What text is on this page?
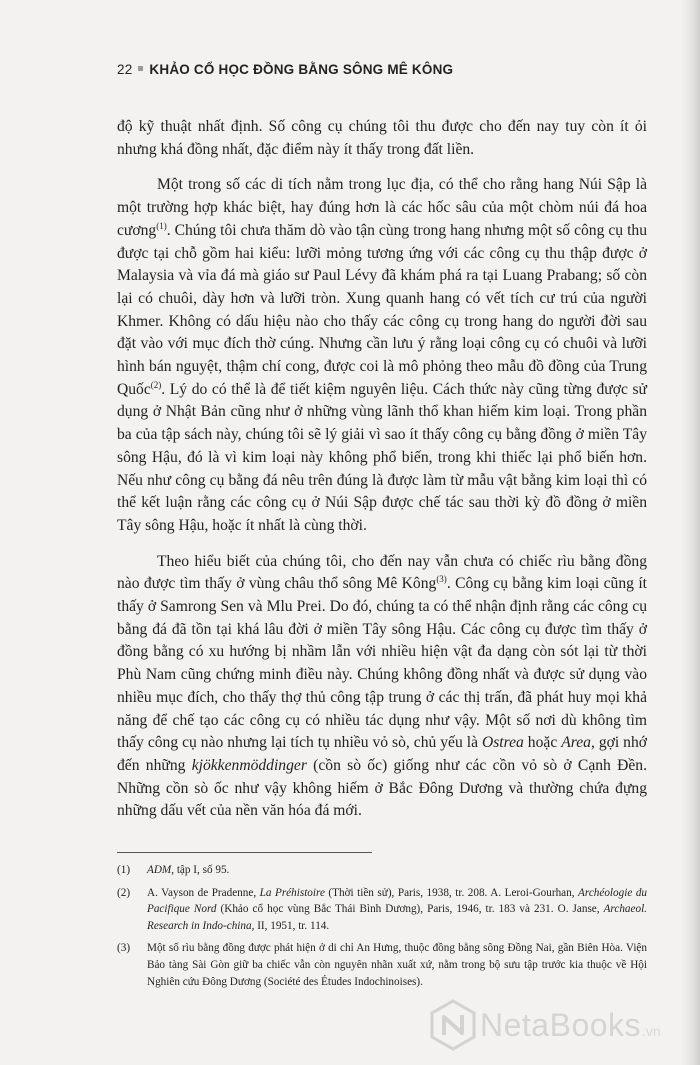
22 KHẢO CỔ HỌC ĐỒNG BẰNG SÔNG MÊ KÔNG

độ kỹ thuật nhất định. Số công cụ chúng tôi thu được cho đến nay tuy còn ít ỏi nhưng khá đồng nhất, đặc điểm này ít thấy trong đất liền.

Một trong số các di tích nằm trong lục địa, có thể cho rằng hang Núi Sập là một trường hợp khác biệt, hay đúng hơn là các hốc sâu của một chòm núi đá hoa cương$^{(1)}$. Chúng tôi chưa thăm dò vào tận cùng trong hang nhưng một số công cụ thu được tại chỗ gồm hai kiểu: lưỡi mỏng tương ứng với các công cụ thu thập được ở Malaysia và vỉa đá mà giáo sư Paul Lévy đã khám phá ra tại Luang Prabang; số còn lại có chuôi, dày hơn và lưỡi tròn. Xung quanh hang có vết tích cư trú của người Khmer. Không có dấu hiệu nào cho thấy các công cụ trong hang do người đời sau đặt vào với mục đích thờ cúng. Nhưng cần lưu ý rằng loại công cụ có chuôi và lưỡi hình bán nguyệt, thậm chí cong, được coi là mô phỏng theo mẫu đồ đồng của Trung Quốc$^{(2)}$. Lý do có thể là để tiết kiệm nguyên liệu. Cách thức này cũng từng được sử dụng ở Nhật Bản cũng như ở những vùng lãnh thổ khan hiếm kim loại. Trong phần ba của tập sách này, chúng tôi sẽ lý giải vì sao ít thấy công cụ bằng đồng ở miền Tây sông Hậu, đó là vì kim loại này không phổ biến, trong khi thiếc lại phổ biến hơn. Nếu như công cụ bằng đá nêu trên đúng là được làm từ mẫu vật bằng kim loại thì có thể kết luận rằng các công cụ ở Núi Sập được chế tác sau thời kỳ đồ đồng ở miền Tây sông Hậu, hoặc ít nhất là cùng thời.

Theo hiểu biết của chúng tôi, cho đến nay vẫn chưa có chiếc rìu bằng đồng nào được tìm thấy ở vùng châu thổ sông Mê Kông$^{(3)}$. Công cụ bằng kim loại cũng ít thấy ở Samrong Sen và Mlu Prei. Do đó, chúng ta có thể nhận định rằng các công cụ bằng đá đã tồn tại khá lâu đời ở miền Tây sông Hậu. Các công cụ được tìm thấy ở đồng bằng có xu hướng bị nhầm lẫn với nhiều hiện vật đa dạng còn sót lại từ thời Phù Nam cũng chứng minh điều này. Chúng không đồng nhất và được sử dụng vào nhiều mục đích, cho thấy thợ thủ công tập trung ở các thị trấn, đã phát huy mọi khả năng để chế tạo các công cụ có nhiều tác dụng như vậy. Một số nơi dù không tìm thấy công cụ nào nhưng lại tích tụ nhiều vỏ sò, chủ yếu là Ostrea hoặc Area, gợi nhớ đến những kjökkenmöddinger (cồn sò ốc) giống như các cồn vỏ sò ở Cạnh Đền. Những cồn sò ốc như vậy không hiếm ở Bắc Đông Dương và thường chứa đựng những dấu vết của nền văn hóa đá mới.

(1)	ADM, tập I, số 95.
(2)	A. Vayson de Pradenne, La Préhistoire (Thời tiền sử), Paris, 1938, tr. 208. A. Leroi-Gourhan, Archéologie du Pacifique Nord (Khảo cổ học vùng Bắc Thái Bình Dương), Paris, 1946, tr. 183 và 231. O. Janse, Archaeol. Research in Indo-china, II, 1951, tr. 114.
(3)	Một số rìu bằng đồng được phát hiện ở di chỉ An Hưng, thuộc đồng bằng sông Đồng Nai, gần Biên Hòa. Viện Bảo tàng Sài Gòn giữ ba chiếc vẫn còn nguyên nhãn xuất xứ, nằm trong bộ sưu tập trước kia thuộc về Hội Nghiên cứu Đông Dương (Société des Études Indochinoises).
NetaBooks .vn
